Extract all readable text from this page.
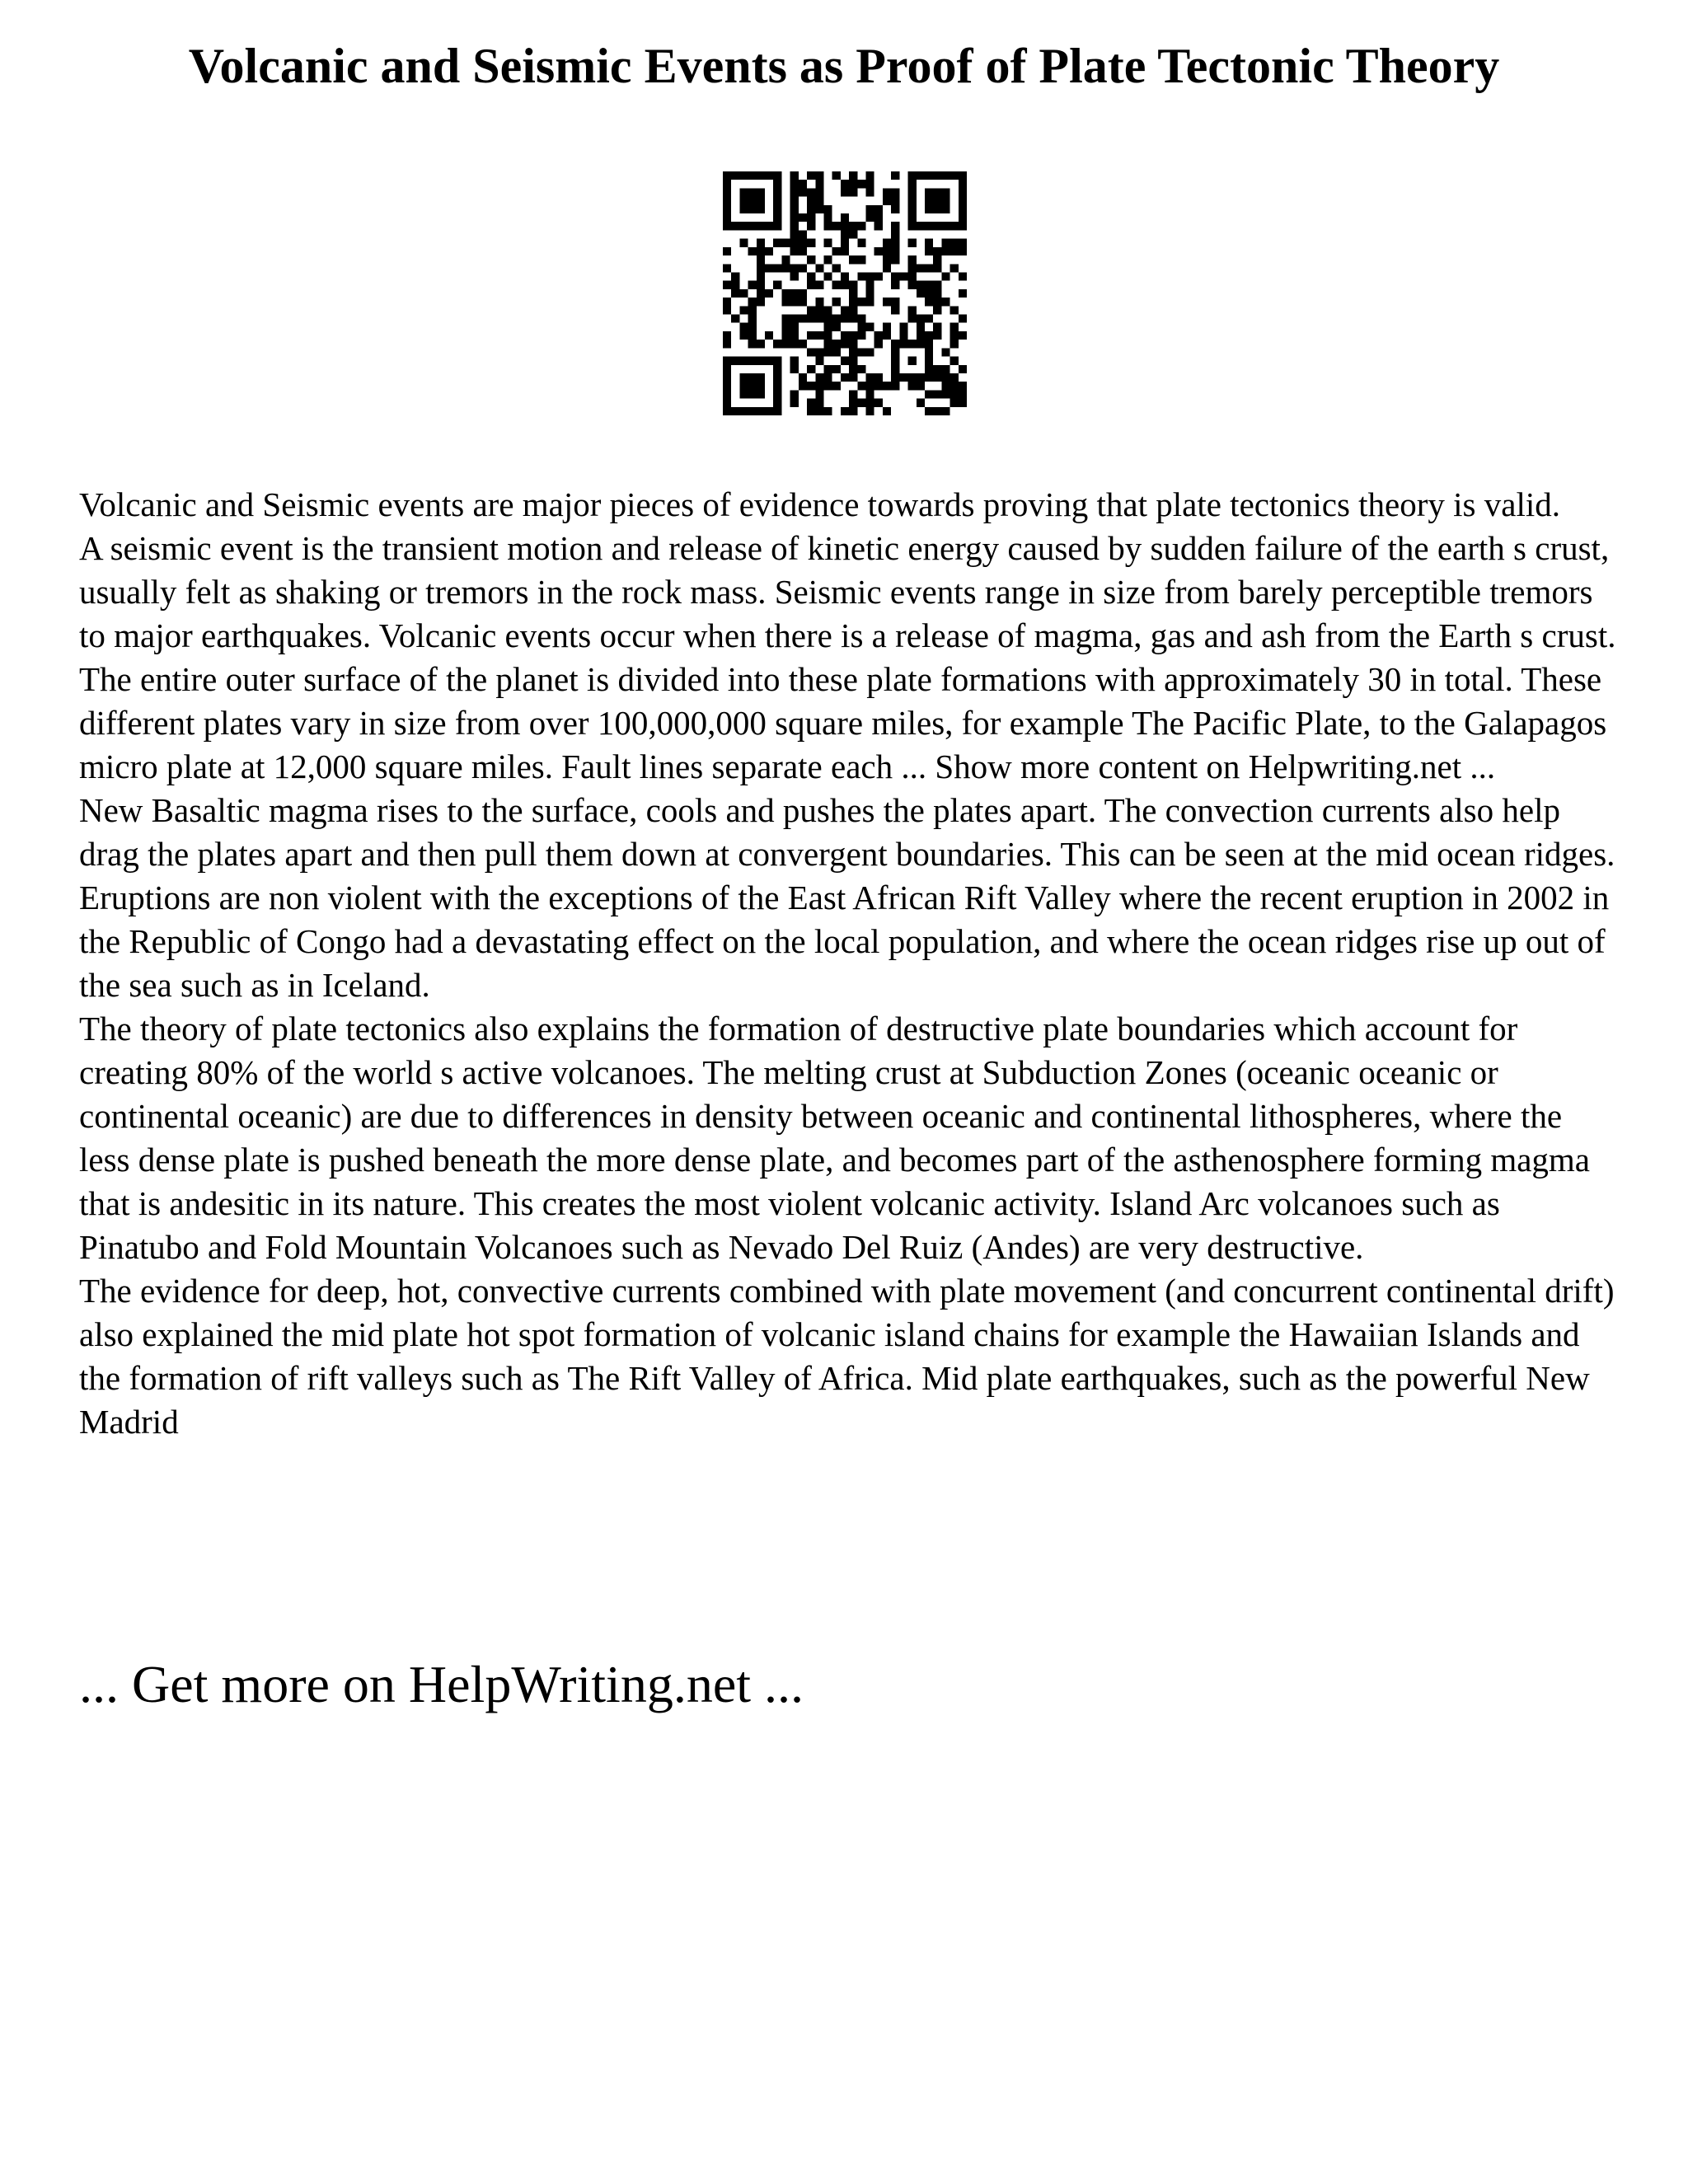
Volcanic and Seismic Events as Proof of Plate Tectonic Theory

Volcanic and Seismic events are major pieces of evidence towards proving that plate tectonics theory is valid.

A seismic event is the transient motion and release of kinetic energy caused by sudden failure of the earth s crust, usually felt as shaking or tremors in the rock mass. Seismic events range in size from barely perceptible tremors to major earthquakes. Volcanic events occur when there is a release of magma, gas and ash from the Earth s crust.

The entire outer surface of the planet is divided into these plate formations with approximately 30 in total. These different plates vary in size from over 100,000,000 square miles, for example The Pacific Plate, to the Galapagos micro plate at 12,000 square miles. Fault lines separate each ... Show more content on Helpwriting.net ...

New Basaltic magma rises to the surface, cools and pushes the plates apart. The convection currents also help drag the plates apart and then pull them down at convergent boundaries. This can be seen at the mid ocean ridges. Eruptions are non violent with the exceptions of the East African Rift Valley where the recent eruption in 2002 in the Republic of Congo had a devastating effect on the local population, and where the ocean ridges rise up out of the sea such as in Iceland.

The theory of plate tectonics also explains the formation of destructive plate boundaries which account for creating 80% of the world s active volcanoes. The melting crust at Subduction Zones (oceanic oceanic or continental oceanic) are due to differences in density between oceanic and continental lithospheres, where the less dense plate is pushed beneath the more dense plate, and becomes part of the asthenosphere forming magma that is andesitic in its nature. This creates the most violent volcanic activity. Island Arc volcanoes such as Pinatubo and Fold Mountain Volcanoes such as Nevado Del Ruiz (Andes) are very destructive.

The evidence for deep, hot, convective currents combined with plate movement (and concurrent continental drift) also explained the mid plate hot spot formation of volcanic island chains for example the Hawaiian Islands and the formation of rift valleys such as The Rift Valley of Africa. Mid plate earthquakes, such as the powerful New Madrid

... Get more on HelpWriting.net ...
